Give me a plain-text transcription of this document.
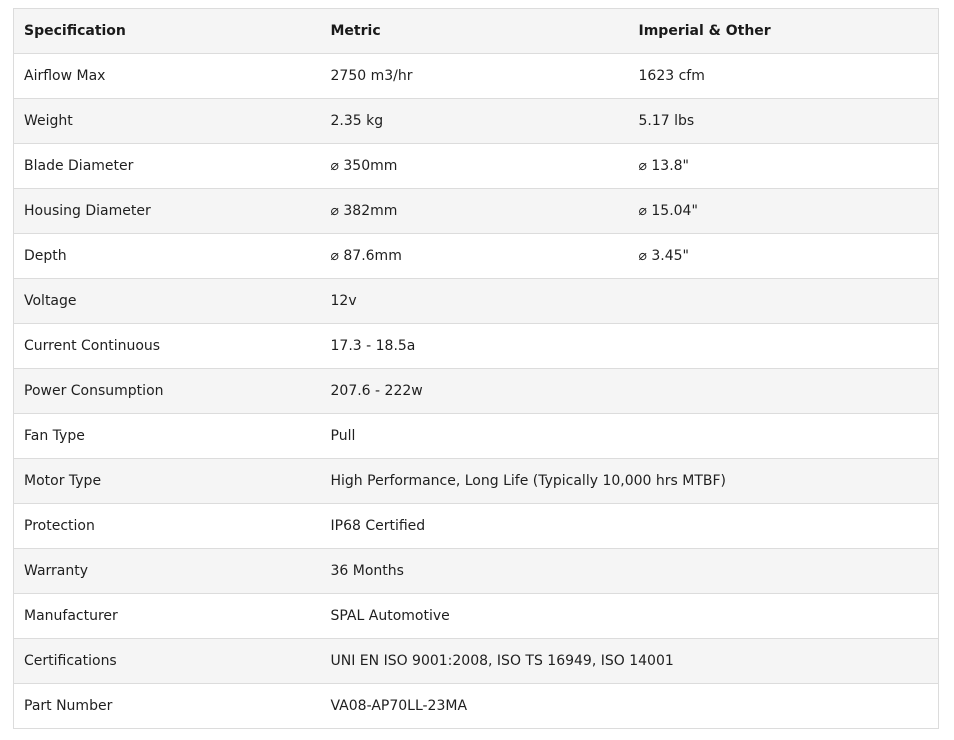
Specification	Metric	Imperial & Other
Airflow Max	2750 m3/hr	1623 cfm
Weight	2.35 kg	5.17 lbs
Blade Diameter	⌀ 350mm	⌀ 13.8"
Housing Diameter	⌀ 382mm	⌀ 15.04"
Depth	⌀ 87.6mm	⌀ 3.45"
Voltage	12v	
Current Continuous	17.3 - 18.5a	
Power Consumption	207.6 - 222w	
Fan Type	Pull	
Motor Type	High Performance, Long Life (Typically 10,000 hrs MTBF)	
Protection	IP68 Certified	
Warranty	36 Months	
Manufacturer	SPAL Automotive	
Certifications	UNI EN ISO 9001:2008, ISO TS 16949, ISO 14001	
Part Number	VA08-AP70LL-23MA	
